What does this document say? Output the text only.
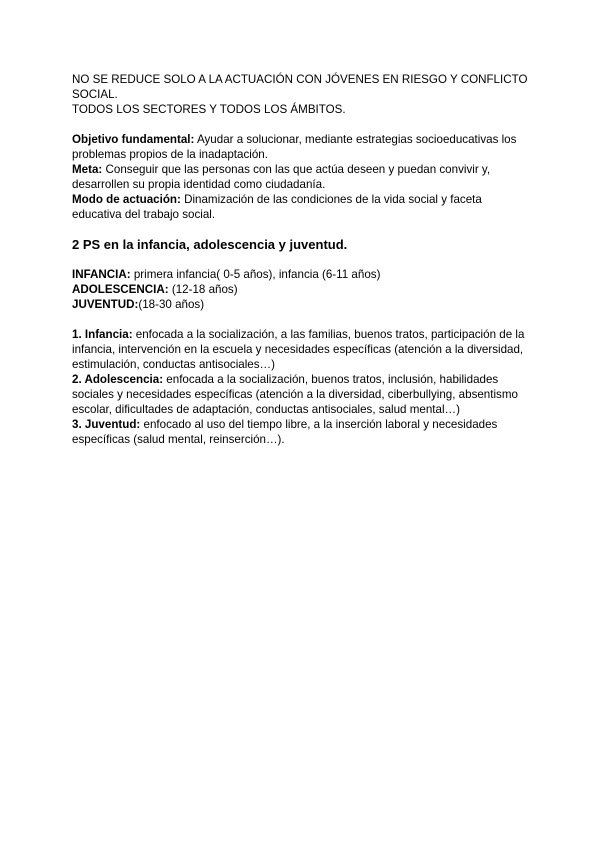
NO SE REDUCE SOLO A LA ACTUACIÓN CON JÓVENES EN RIESGO Y CONFLICTO SOCIAL.

TODOS LOS SECTORES Y TODOS LOS ÁMBITOS.

Objetivo fundamental: Ayudar a solucionar, mediante estrategias socioeducativas los problemas propios de la inadaptación.

Meta: Conseguir que las personas con las que actúa deseen y puedan convivir y, desarrollen su propia identidad como ciudadanía.

Modo de actuación: Dinamización de las condiciones de la vida social y faceta educativa del trabajo social.

2 PS en la infancia, adolescencia y juventud.

INFANCIA: primera infancia( 0-5 años), infancia (6-11 años)

ADOLESCENCIA: (12-18 años)

JUVENTUD:(18-30 años)

1. Infancia: enfocada a la socialización, a las familias, buenos tratos, participación de la infancia, intervención en la escuela y necesidades específicas (atención a la diversidad, estimulación, conductas antisociales…)

2. Adolescencia: enfocada a la socialización, buenos tratos, inclusión, habilidades sociales y necesidades específicas (atención a la diversidad, ciberbullying, absentismo escolar, dificultades de adaptación, conductas antisociales, salud mental…)

3. Juventud: enfocado al uso del tiempo libre, a la inserción laboral y necesidades específicas (salud mental, reinserción…).
